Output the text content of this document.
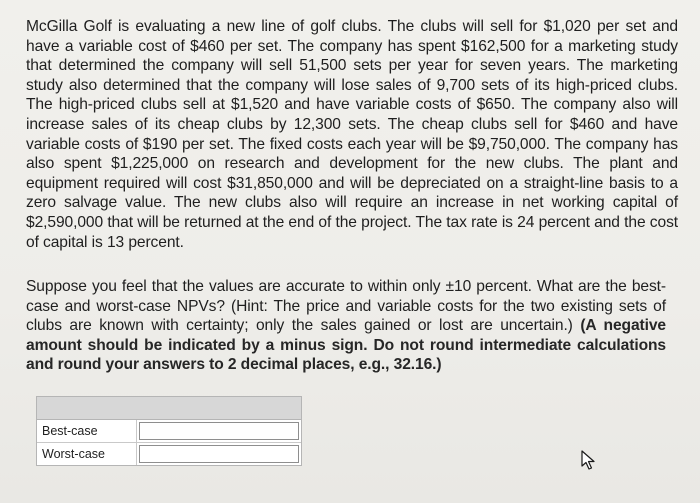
McGilla Golf is evaluating a new line of golf clubs. The clubs will sell for $1,020 per set and have a variable cost of $460 per set. The company has spent $162,500 for a marketing study that determined the company will sell 51,500 sets per year for seven years. The marketing study also determined that the company will lose sales of 9,700 sets of its high-priced clubs. The high-priced clubs sell at $1,520 and have variable costs of $650. The company also will increase sales of its cheap clubs by 12,300 sets. The cheap clubs sell for $460 and have variable costs of $190 per set. The fixed costs each year will be $9,750,000. The company has also spent $1,225,000 on research and development for the new clubs. The plant and equipment required will cost $31,850,000 and will be depreciated on a straight-line basis to a zero salvage value. The new clubs also will require an increase in net working capital of $2,590,000 that will be returned at the end of the project. The tax rate is 24 percent and the cost of capital is 13 percent.
Suppose you feel that the values are accurate to within only ±10 percent. What are the best-case and worst-case NPVs? (Hint: The price and variable costs for the two existing sets of clubs are known with certainty; only the sales gained or lost are uncertain.) (A negative amount should be indicated by a minus sign. Do not round intermediate calculations and round your answers to 2 decimal places, e.g., 32.16.)
Best-case
Worst-case
